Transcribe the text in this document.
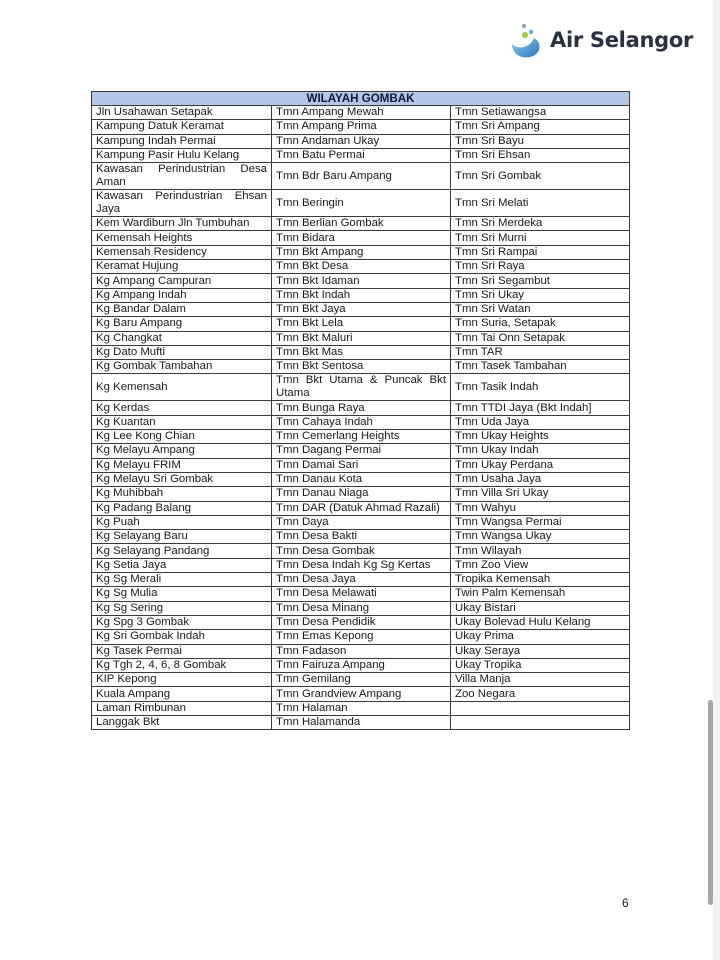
Air Selangor
WILAYAH GOMBAK		
Jln Usahawan Setapak	Tmn Ampang Mewah	Tmn Setiawangsa
Kampung Datuk Keramat	Tmn Ampang Prima	Tmn Sri Ampang
Kampung Indah Permai	Tmn Andaman Ukay	Tmn Sri Bayu
Kampung Pasir Hulu Kelang	Tmn Batu Permai	Tmn Sri Ehsan
Kawasan Perindustrian Desa Aman	Tmn Bdr Baru Ampang	Tmn Sri Gombak
Kawasan Perindustrian Ehsan Jaya	Tmn Beringin	Tmn Sri Melati
Kem Wardiburn Jln Tumbuhan	Tmn Berlian Gombak	Tmn Sri Merdeka
Kemensah Heights	Tmn Bidara	Tmn Sri Murni
Kemensah Residency	Tmn Bkt Ampang	Tmn Sri Rampai
Keramat Hujung	Tmn Bkt Desa	Tmn Sri Raya
Kg Ampang Campuran	Tmn Bkt Idaman	Tmn Sri Segambut
Kg Ampang Indah	Tmn Bkt Indah	Tmn Sri Ukay
Kg Bandar Dalam	Tmn Bkt Jaya	Tmn Sri Watan
Kg Baru Ampang	Tmn Bkt Lela	Tmn Suria, Setapak
Kg Changkat	Tmn Bkt Maluri	Tmn Tai Onn Setapak
Kg Dato Mufti	Tmn Bkt Mas	Tmn TAR
Kg Gombak Tambahan	Tmn Bkt Sentosa	Tmn Tasek Tambahan
Kg Kemensah	Tmn Bkt Utama & Puncak Bkt Utama	Tmn Tasik Indah
Kg Kerdas	Tmn Bunga Raya	Tmn TTDI Jaya (Bkt Indah]
Kg Kuantan	Tmn Cahaya Indah	Tmn Uda Jaya
Kg Lee Kong Chian	Tmn Cemerlang Heights	Tmn Ukay Heights
Kg Melayu Ampang	Tmn Dagang Permai	Tmn Ukay Indah
Kg Melayu FRIM	Tmn Damai Sari	Tmn Ukay Perdana
Kg Melayu Sri Gombak	Tmn Danau Kota	Tmn Usaha Jaya
Kg Muhibbah	Tmn Danau Niaga	Tmn Villa Sri Ukay
Kg Padang Balang	Tmn DAR (Datuk Ahmad Razali)	Tmn Wahyu
Kg Puah	Tmn Daya	Tmn Wangsa Permai
Kg Selayang Baru	Tmn Desa Bakti	Tmn Wangsa Ukay
Kg Selayang Pandang	Tmn Desa Gombak	Tmn Wilayah
Kg Setia Jaya	Tmn Desa Indah Kg Sg Kertas	Tmn Zoo View
Kg Sg Merali	Tmn Desa Jaya	Tropika Kemensah
Kg Sg Mulia	Tmn Desa Melawati	Twin Palm Kemensah
Kg Sg Sering	Tmn Desa Minang	Ukay Bistari
Kg Spg 3 Gombak	Tmn Desa Pendidik	Ukay Bolevad Hulu Kelang
Kg Sri Gombak Indah	Tmn Emas Kepong	Ukay Prima
Kg Tasek Permai	Tmn Fadason	Ukay Seraya
Kg Tgh 2, 4, 6, 8 Gombak	Tmn Fairuza Ampang	Ukay Tropika
KIP Kepong	Tmn Gemilang	Villa Manja
Kuala Ampang	Tmn Grandview Ampang	Zoo Negara
Laman Rimbunan	Tmn Halaman	
Langgak Bkt	Tmn Halamanda	
6
